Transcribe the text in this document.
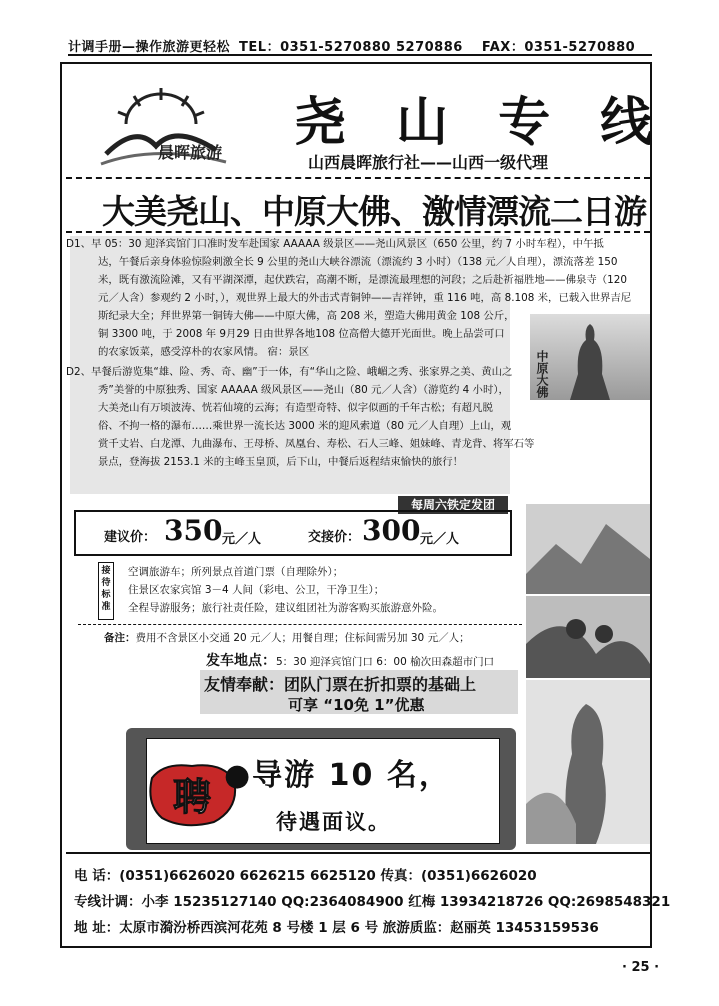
计调手册—操作旅游更轻松 TEL：0351-5270880 5270886 FAX：0351-5270880
晨晖旅游 尧 山 专 线
山西晨晖旅行社——山西一级代理
大美尧山、中原大佛、激情漂流二日游
D1、早 05：30 迎泽宾馆门口准时发车赴国家 AAAAA 级景区——尧山风景区（650 公里，约 7 小时车程），中午抵
达，午餐后亲身体验惊险刺激全长 9 公里的尧山大峡谷漂流（漂流约 3 小时）（138 元／人自理），漂流落差 150
米，既有激流险滩，又有平湖深潭，起伏跌宕，高潮不断，是漂流最理想的河段；之后赴祈福胜地——佛泉寺（120
元／人含）参观约 2 小时，），观世界上最大的外击式青铜钟——吉祥钟，重 116 吨，高 8.108 米，已载入世界吉尼
斯纪录大全；拜世界第一铜铸大佛——中原大佛，高 208 米，塑造大佛用黄金 108 公斤，
铜 3300 吨，于 2008 年 9月29 日由世界各地108 位高僧大德开光面世。晚上品尝可口
的农家饭菜，感受淳朴的农家风情。 宿：景区
D2、早餐后游览集“雄、险、秀、奇、幽”于一体，有“华山之险、峨嵋之秀、张家界之美、黄山之
秀”美誉的中原独秀、国家 AAAAA 级风景区——尧山（80 元／人含）（游览约 4 小时），
大美尧山有万顷波涛、恍若仙境的云海；有造型奇特、似字似画的千年古松；有超凡脱
俗、不拘一格的瀑布……乘世界一流长达 3000 米的迎风索道（80 元／人自理）上山，观
赏千丈岩、白龙潭、九曲瀑布、王母桥、凤凰台、寿松、石人三峰、姐妹峰、青龙背、将军石等
景点，登海拔 2153.1 米的主峰玉皇顶，后下山，中餐后返程结束愉快的旅行！
中原大佛
每周六铁定发团
建议价： 350 元／人	交接价： 300 元／人
接待标准
空调旅游车；所列景点首道门票（自理除外）；
住景区农家宾馆 3－4 人间（彩电、公卫，干净卫生）；
全程导游服务；旅行社责任险，建议组团社为游客购买旅游意外险。
备注：费用不含景区小交通 20 元／人；用餐自理；住标间需另加 30 元／人；
发车地点：5：30 迎泽宾馆门口 6：00 榆次田森超市门口
友情奉献：团队门票在折扣票的基础上
可享 “10免 1”优惠
聘 ●导游 10 名，
待遇面议。
电 话：(0351)6626020 6626215 6625120 传真：(0351)6626020
专线计调：小李 15235127140 QQ:2364084900 红梅 13934218726 QQ:2698548321
地 址：太原市漪汾桥西滨河花苑 8 号楼 1 层 6 号 旅游质监：赵丽英 13453159536
· 25 ·
